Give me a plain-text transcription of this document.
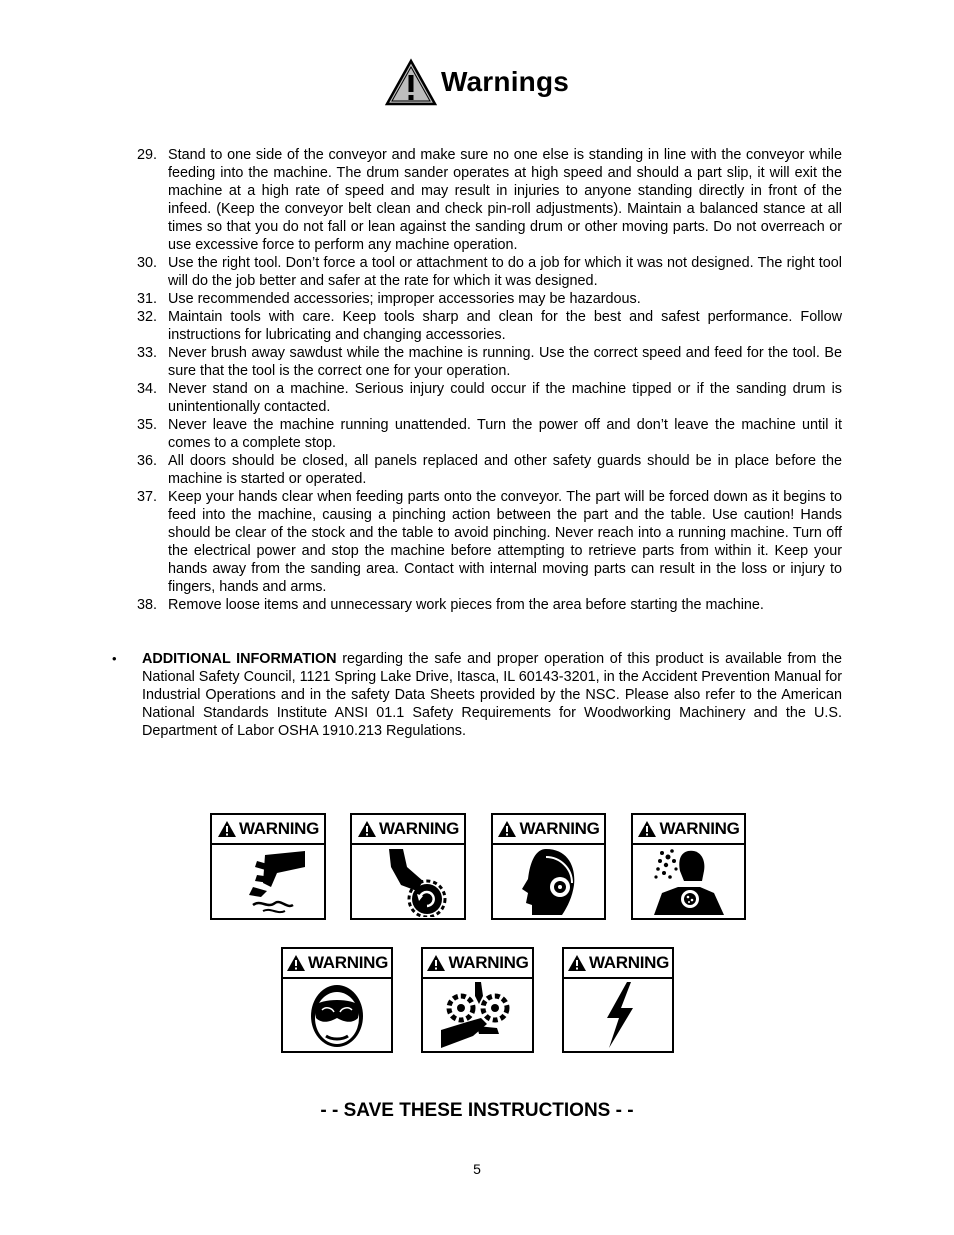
Warnings
29. Stand to one side of the conveyor and make sure no one else is standing in line with the conveyor while feeding into the machine. The drum sander operates at high speed and should a part slip, it will exit the machine at a high rate of speed and may result in injuries to anyone standing directly in front of the infeed. (Keep the conveyor belt clean and check pin-roll adjustments). Maintain a balanced stance at all times so that you do not fall or lean against the sanding drum or other moving parts. Do not overreach or use excessive force to perform any machine operation.
30. Use the right tool. Don’t force a tool or attachment to do a job for which it was not designed. The right tool will do the job better and safer at the rate for which it was designed.
31. Use recommended accessories; improper accessories may be hazardous.
32. Maintain tools with care. Keep tools sharp and clean for the best and safest performance. Follow instructions for lubricating and changing accessories.
33. Never brush away sawdust while the machine is running. Use the correct speed and feed for the tool. Be sure that the tool is the correct one for your operation.
34. Never stand on a machine. Serious injury could occur if the machine tipped or if the sanding drum is unintentionally contacted.
35. Never leave the machine running unattended. Turn the power off and don’t leave the machine until it comes to a complete stop.
36. All doors should be closed, all panels replaced and other safety guards should be in place before the machine is started or operated.
37. Keep your hands clear when feeding parts onto the conveyor. The part will be forced down as it begins to feed into the machine, causing a pinching action between the part and the table. Use caution! Hands should be clear of the stock and the table to avoid pinching. Never reach into a running machine. Turn off the electrical power and stop the machine before attempting to retrieve parts from within it. Keep your hands away from the sanding area. Contact with internal moving parts can result in the loss or injury to fingers, hands and arms.
38. Remove loose items and unnecessary work pieces from the area before starting the machine.
•	ADDITIONAL INFORMATION regarding the safe and proper operation of this product is available from the National Safety Council, 1121 Spring Lake Drive, Itasca, IL 60143-3201, in the Accident Prevention Manual for Industrial Operations and in the safety Data Sheets provided by the NSC. Please also refer to the American National Standards Institute ANSI 01.1 Safety Requirements for Woodworking Machinery and the U.S. Department of Labor OSHA 1910.213 Regulations.
WARNING	WARNING	WARNING	WARNING
WARNING	WARNING	WARNING
- - SAVE THESE INSTRUCTIONS - -
5
